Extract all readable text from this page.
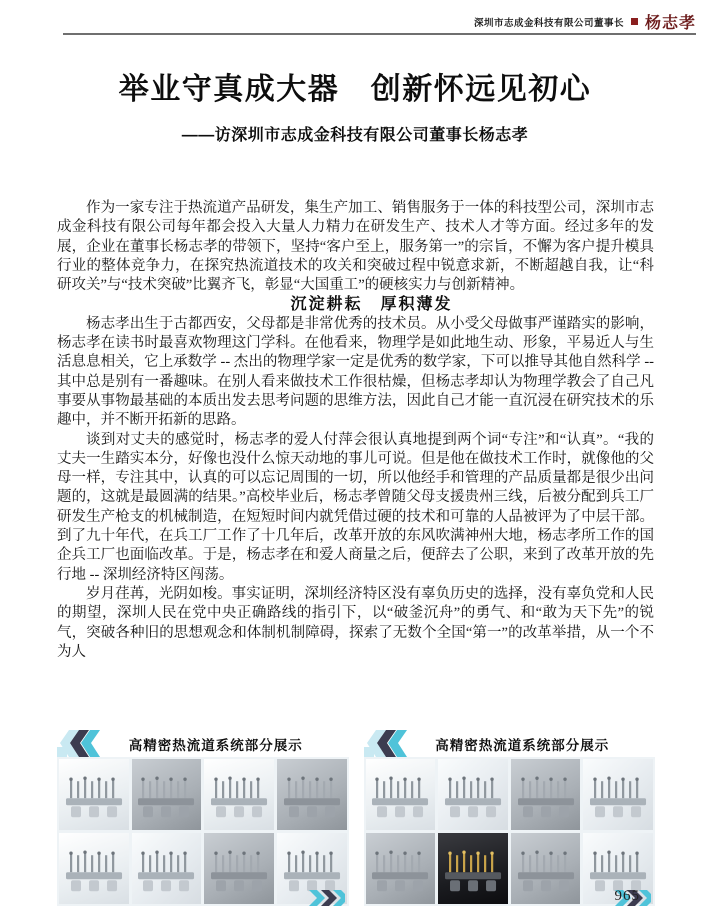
深圳市志成金科技有限公司董事长 杨志孝
举业守真成大器　创新怀远见初心
——访深圳市志成金科技有限公司董事长杨志孝

作为一家专注于热流道产品研发，集生产加工、销售服务于一体的科技型公司，深圳市志成金科技有限公司每年都会投入大量人力精力在研发生产、技术人才等方面。经过多年的发展，企业在董事长杨志孝的带领下，坚持“客户至上，服务第一”的宗旨，不懈为客户提升模具行业的整体竞争力，在探究热流道技术的攻关和突破过程中锐意求新，不断超越自我，让“科研攻关”与“技术突破”比翼齐飞，彰显“大国重工”的硬核实力与创新精神。

沉淀耕耘　厚积薄发

杨志孝出生于古都西安，父母都是非常优秀的技术员。从小受父母做事严谨踏实的影响，杨志孝在读书时最喜欢物理这门学科。在他看来，物理学是如此地生动、形象，平易近人与生活息息相关，它上承数学 -- 杰出的物理学家一定是优秀的数学家，下可以推导其他自然科学 -- 其中总是别有一番趣味。在别人看来做技术工作很枯燥，但杨志孝却认为物理学教会了自己凡事要从事物最基础的本质出发去思考问题的思维方法，因此自己才能一直沉浸在研究技术的乐趣中，并不断开拓新的思路。

谈到对丈夫的感觉时，杨志孝的爱人付萍会很认真地提到两个词“专注”和“认真”。“我的丈夫一生踏实本分，好像也没什么惊天动地的事儿可说。但是他在做技术工作时，就像他的父母一样，专注其中，认真的可以忘记周围的一切，所以他经手和管理的产品质量都是很少出问题的，这就是最圆满的结果。”高校毕业后，杨志孝曾随父母支援贵州三线，后被分配到兵工厂研发生产枪支的机械制造，在短短时间内就凭借过硬的技术和可靠的人品被评为了中层干部。到了九十年代，在兵工厂工作了十几年后，改革开放的东风吹满神州大地，杨志孝所工作的国企兵工厂也面临改革。于是，杨志孝在和爱人商量之后，便辞去了公职，来到了改革开放的先行地 -- 深圳经济特区闯荡。

岁月荏苒，光阴如梭。事实证明，深圳经济特区没有辜负历史的选择，没有辜负党和人民的期望，深圳人民在党中央正确路线的指引下，以“破釜沉舟”的勇气、和“敢为天下先”的锐气，突破各种旧的思想观念和体制机制障碍，探索了无数个全国“第一”的改革举措，从一个不为人

高精密热流道系统部分展示	高精密热流道系统部分展示
965
